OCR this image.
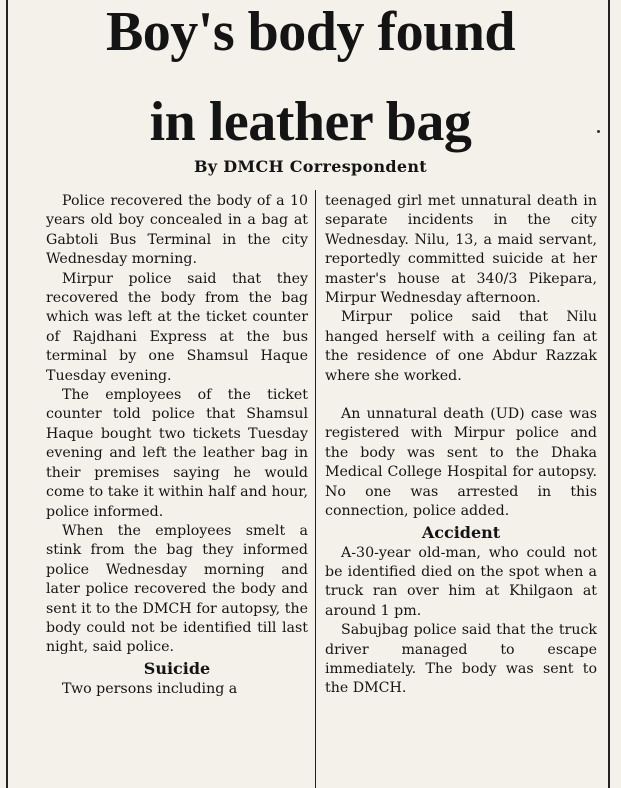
Boy's body found
in leather bag
By DMCH Correspondent

Police recovered the body of a 10 years old boy concealed in a bag at Gabtoli Bus Terminal in the city Wednesday morning.

Mirpur police said that they recovered the body from the bag which was left at the ticket counter of Rajdhani Express at the bus terminal by one Shamsul Haque Tuesday evening.

The employees of the ticket counter told police that Shamsul Haque bought two tickets Tuesday evening and left the leather bag in their premises saying he would come to take it within half and hour, police informed.

When the employees smelt a stink from the bag they informed police Wednesday morning and later police recovered the body and sent it to the DMCH for autopsy, the body could not be identified till last night, said police.

Suicide

Two persons including a

teenaged girl met unnatural death in separate incidents in the city Wednesday. Nilu, 13, a maid servant, reportedly committed suicide at her master's house at 340/3 Pikepara, Mirpur Wednesday afternoon.

Mirpur police said that Nilu hanged herself with a ceiling fan at the residence of one Abdur Razzak where she worked.

An unnatural death (UD) case was registered with Mirpur police and the body was sent to the Dhaka Medical College Hospital for autopsy. No one was arrested in this connection, police added.

Accident

A-30-year old-man, who could not be identified died on the spot when a truck ran over him at Khilgaon at around 1 pm.

Sabujbag police said that the truck driver managed to escape immediately. The body was sent to the DMCH.
